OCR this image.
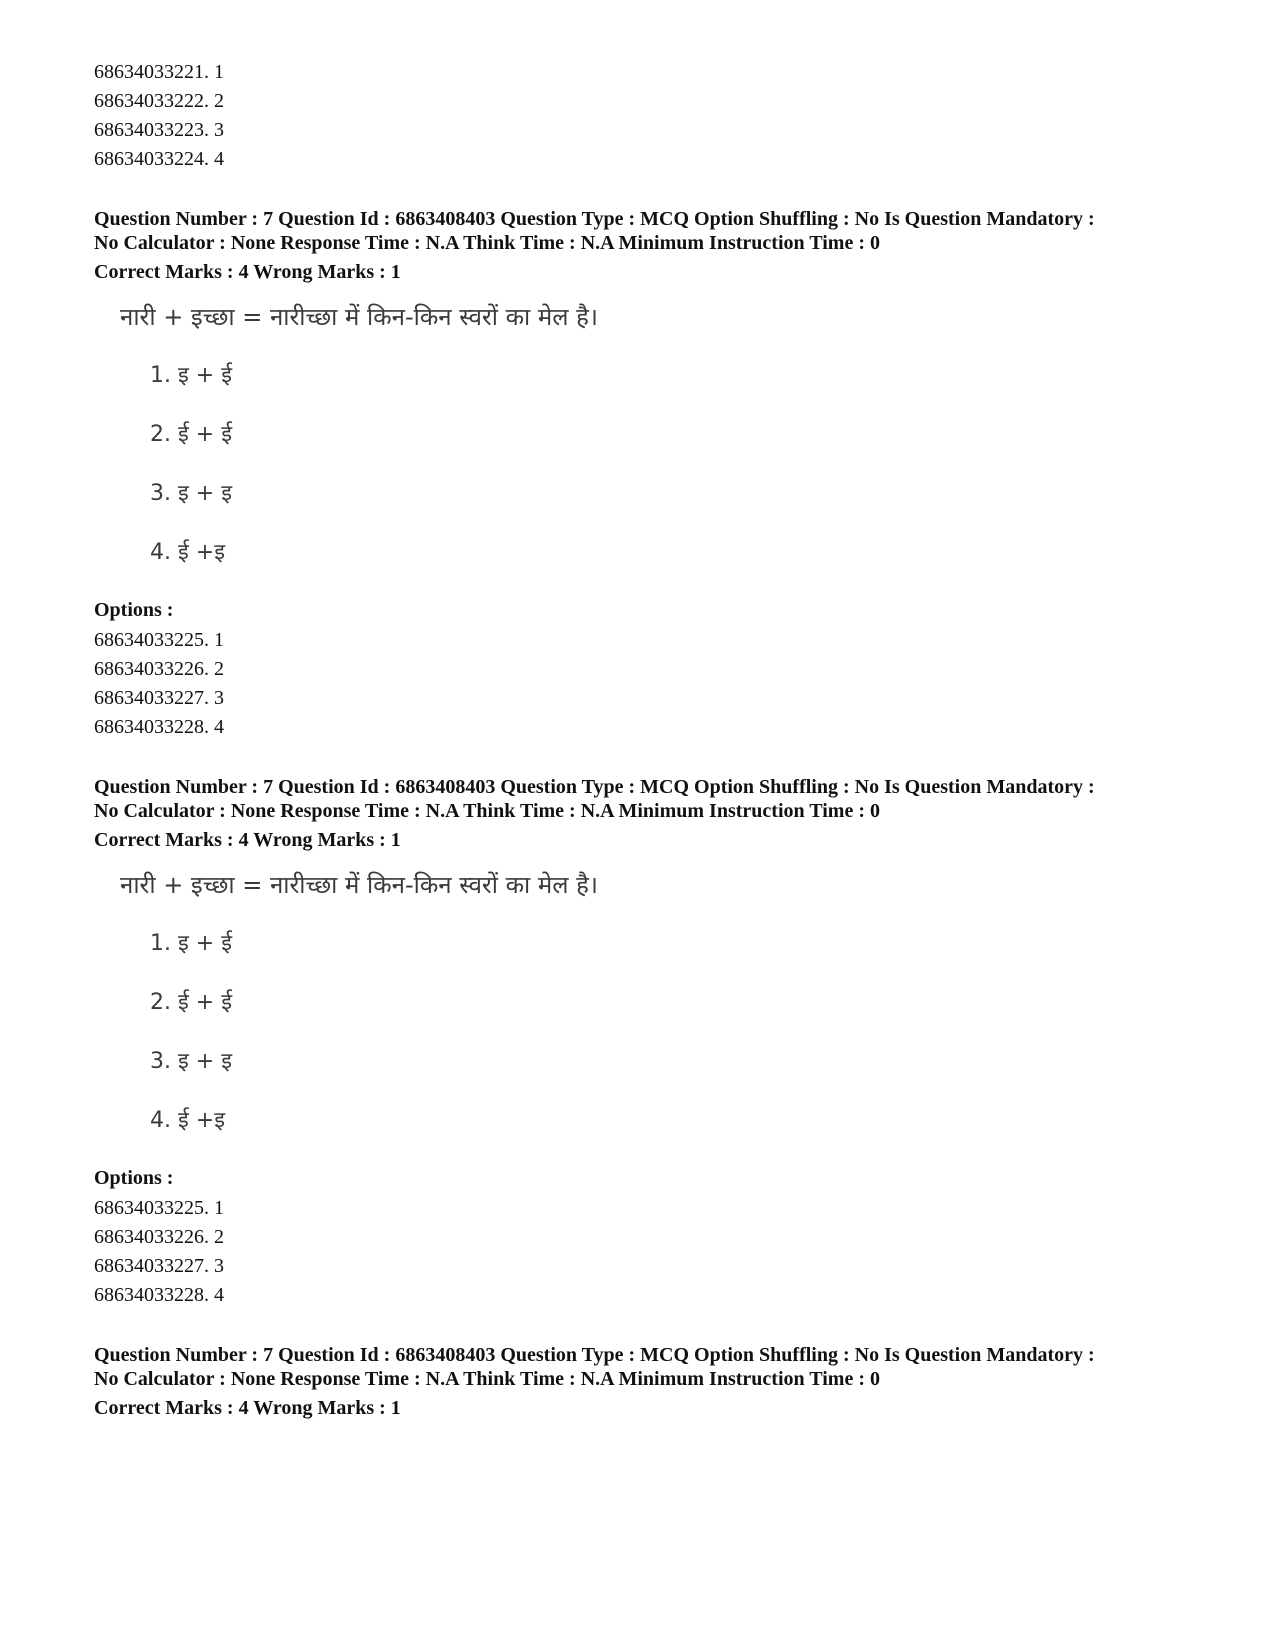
68634033221. 1
68634033222. 2
68634033223. 3
68634033224. 4
Question Number : 7 Question Id : 6863408403 Question Type : MCQ Option Shuffling : No Is Question Mandatory :
No Calculator : None Response Time : N.A Think Time : N.A Minimum Instruction Time : 0
Correct Marks : 4 Wrong Marks : 1
नारी + इच्छा = नारीच्छा में किन-किन स्वरों का मेल है।
1. इ + ई
2. ई + ई
3. इ + इ
4. ई +इ
Options :
68634033225. 1
68634033226. 2
68634033227. 3
68634033228. 4
Question Number : 7 Question Id : 6863408403 Question Type : MCQ Option Shuffling : No Is Question Mandatory :
No Calculator : None Response Time : N.A Think Time : N.A Minimum Instruction Time : 0
Correct Marks : 4 Wrong Marks : 1
नारी + इच्छा = नारीच्छा में किन-किन स्वरों का मेल है।
1. इ + ई
2. ई + ई
3. इ + इ
4. ई +इ
Options :
68634033225. 1
68634033226. 2
68634033227. 3
68634033228. 4
Question Number : 7 Question Id : 6863408403 Question Type : MCQ Option Shuffling : No Is Question Mandatory :
No Calculator : None Response Time : N.A Think Time : N.A Minimum Instruction Time : 0
Correct Marks : 4 Wrong Marks : 1
